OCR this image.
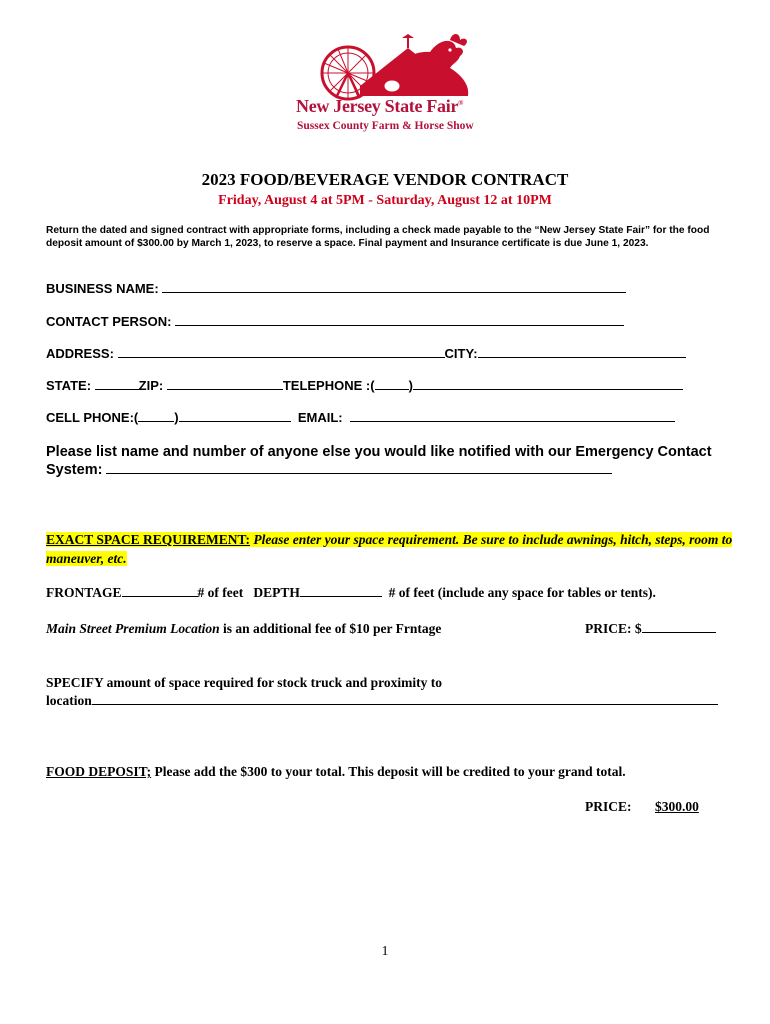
New Jersey State Fair®
Sussex County Farm & Horse Show
2023 FOOD/BEVERAGE VENDOR CONTRACT
Friday, August 4 at 5PM - Saturday, August 12 at 10PM
Return the dated and signed contract with appropriate forms, including a check made payable to the “New Jersey State Fair” for the food deposit amount of $300.00 by March 1, 2023, to reserve a space. Final payment and Insurance certificate is due June 1, 2023.
BUSINESS NAME:
CONTACT PERSON:
ADDRESS:	CITY:
STATE:	ZIP:	TELEPHONE :(	)
CELL PHONE:(	)	EMAIL:
Please list name and number of anyone else you would like notified with our Emergency Contact System:
EXACT SPACE REQUIREMENT: Please enter your space requirement. Be sure to include awnings, hitch, steps, room to maneuver, etc.
FRONTAGE	# of feet DEPTH	# of feet (include any space for tables or tents).
Main Street Premium Location is an additional fee of $10 per Frntage	PRICE: $
SPECIFY amount of space required for stock truck and proximity to
location
FOOD DEPOSIT; Please add the $300 to your total. This deposit will be credited to your grand total.
PRICE: $300.00
1
